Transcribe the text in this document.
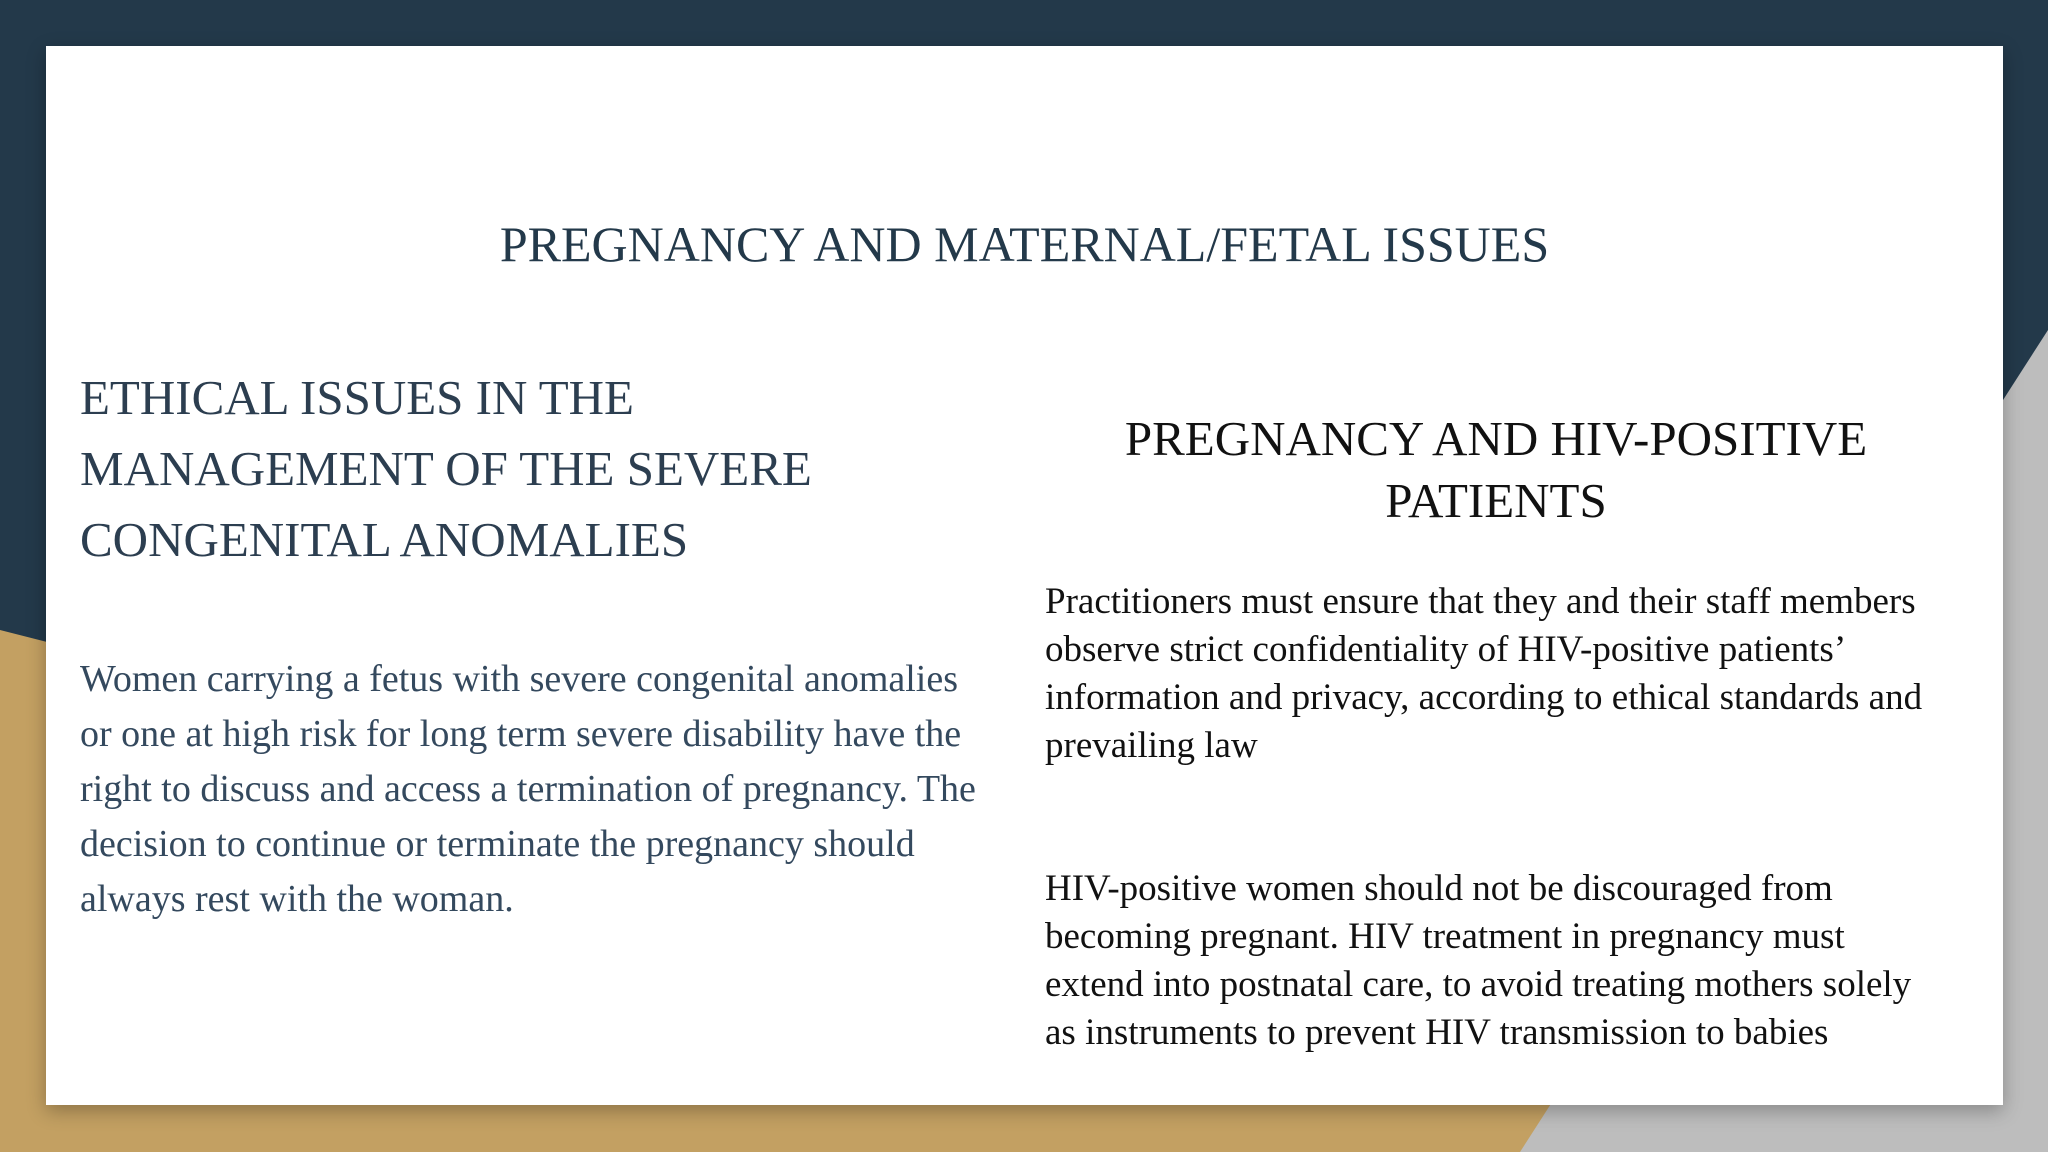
PREGNANCY AND MATERNAL/FETAL ISSUES
ETHICAL ISSUES IN THE MANAGEMENT OF THE SEVERE CONGENITAL ANOMALIES

Women carrying a fetus with severe congenital anomalies or one at high risk for long term severe disability have the right to discuss and access a termination of pregnancy. The decision to continue or terminate the pregnancy should always rest with the woman.

PREGNANCY AND HIV-POSITIVE PATIENTS

Practitioners must ensure that they and their staff members observe strict confidentiality of HIV-positive patients’ information and privacy, according to ethical standards and prevailing law

HIV-positive women should not be discouraged from becoming pregnant. HIV treatment in pregnancy must extend into postnatal care, to avoid treating mothers solely as instruments to prevent HIV transmission to babies
